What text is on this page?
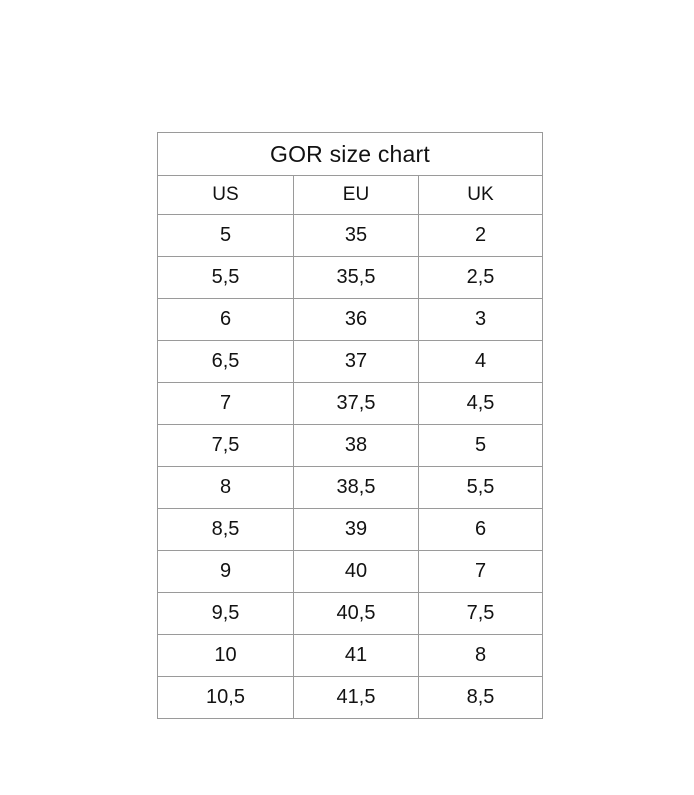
GOR size chart		
US	EU	UK
5	35	2
5,5	35,5	2,5
6	36	3
6,5	37	4
7	37,5	4,5
7,5	38	5
8	38,5	5,5
8,5	39	6
9	40	7
9,5	40,5	7,5
10	41	8
10,5	41,5	8,5
